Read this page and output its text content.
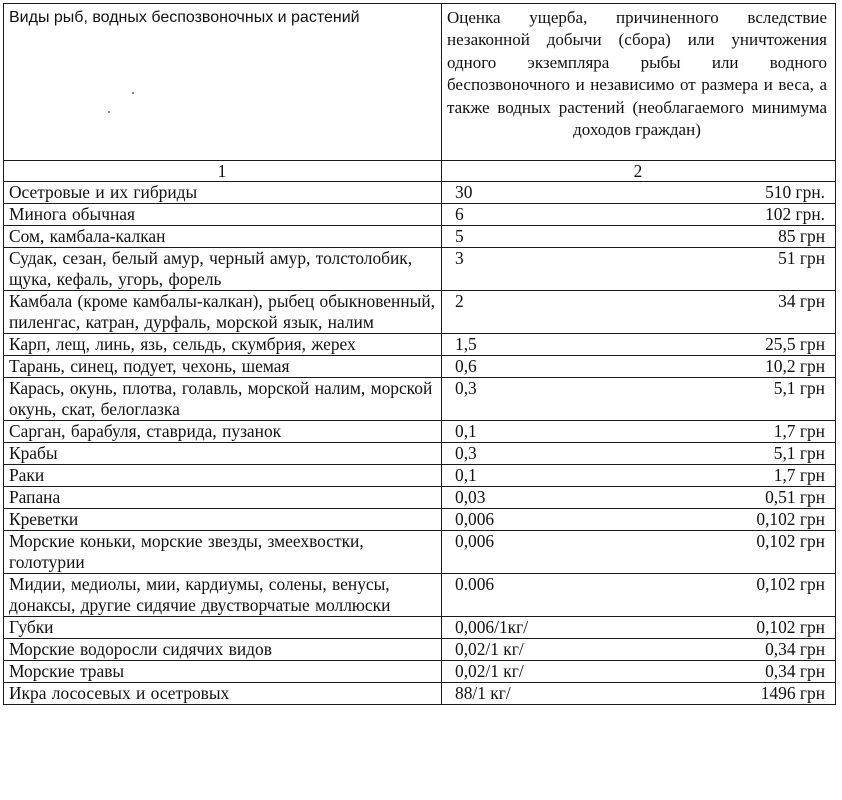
Виды рыб, водных беспозвоночных и растений	Оценка ущерба, причиненного вследствие незаконной добычи (сбора) или уничтожения одного экземпляра рыбы или водного беспозвоночного и независимо от размера и веса, а также водных растений (необлагаемого минимума доходов граждан)
1	2
Осетровые и их гибриды	30 510 грн.

Минога обычная	6 102 грн.

Сом, камбала-калкан	5 85 грн

Судак, сезан, белый амур, черный амур, толстолобик, щука, кефаль, угорь, форель	3 51 грн

Камбала (кроме камбалы-калкан), рыбец обыкновенный, пиленгас, катран, дурфаль, морской язык, налим	2 34 грн

Карп, лещ, линь, язь, сельдь, скумбрия, жерех	1,5 25,5 грн

Тарань, синец, подует, чехонь, шемая	0,6 10,2 грн

Карась, окунь, плотва, голавль, морской налим, морской окунь, скат, белоглазка	0,3 5,1 грн

Сарган, барабуля, ставрида, пузанок	0,1 1,7 грн

Крабы	0,3 5,1 грн

Раки	0,1 1,7 грн

Рапана	0,03 0,51 грн

Креветки	0,006 0,102 грн

Морские коньки, морские звезды, змеехвостки, голотурии	0,006 0,102 грн

Мидии, медиолы, мии, кардиумы, солены, венусы, донаксы, другие сидячие двустворчатые моллюски	0.006 0,102 грн

Губки	0,006/1кг/ 0,102 грн

Морские водоросли сидячих видов	0,02/1 кг/ 0,34 грн

Морские травы	0,02/1 кг/ 0,34 грн

Икра лососевых и осетровых	88/1 кг/ 1496 грн
